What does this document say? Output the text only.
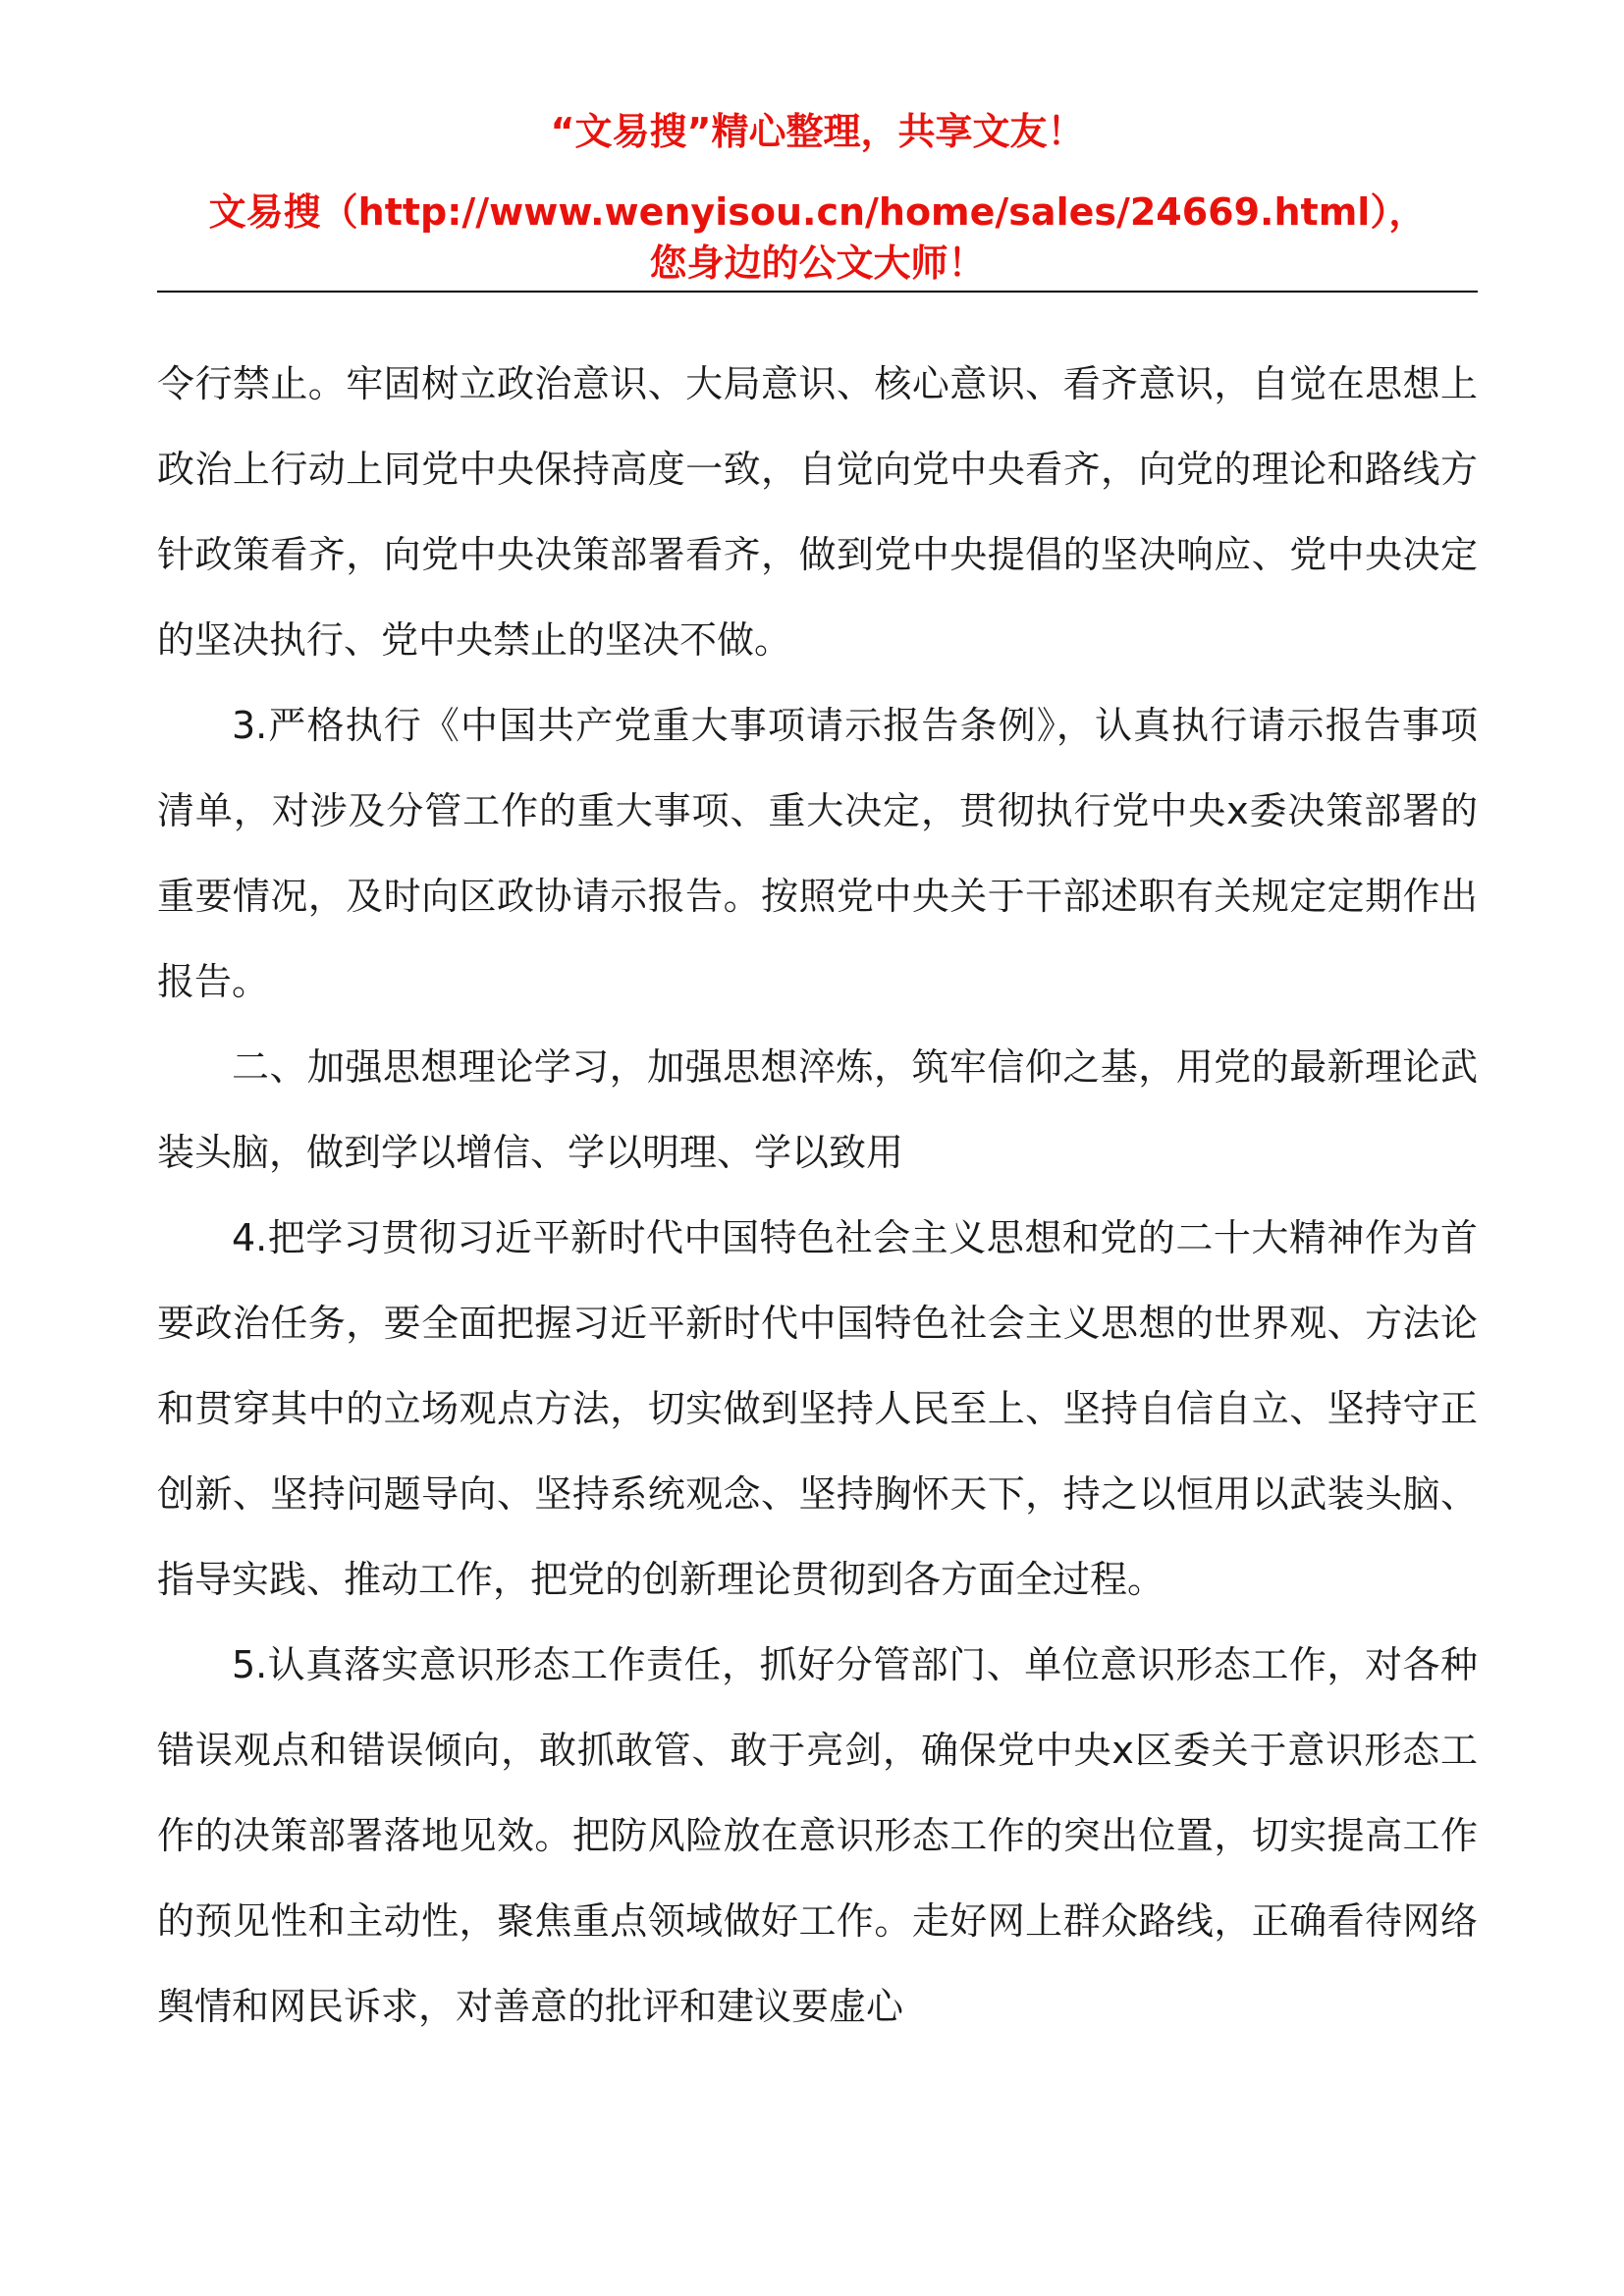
“文易搜”精心整理，共享文友！
文易搜（http://www.wenyisou.cn/home/sales/24669.html），
您身边的公文大师！

令行禁止。牢固树立政治意识、大局意识、核心意识、看齐意识，自觉在思想上政治上行动上同党中央保持高度一致，自觉向党中央看齐，向党的理论和路线方针政策看齐，向党中央决策部署看齐，做到党中央提倡的坚决响应、党中央决定的坚决执行、党中央禁止的坚决不做。

3.严格执行《中国共产党重大事项请示报告条例》，认真执行请示报告事项清单，对涉及分管工作的重大事项、重大决定，贯彻执行党中央x委决策部署的重要情况，及时向区政协请示报告。按照党中央关于干部述职有关规定定期作出报告。

二、加强思想理论学习，加强思想淬炼，筑牢信仰之基，用党的最新理论武装头脑，做到学以增信、学以明理、学以致用

4.把学习贯彻习近平新时代中国特色社会主义思想和党的二十大精神作为首要政治任务，要全面把握习近平新时代中国特色社会主义思想的世界观、方法论和贯穿其中的立场观点方法，切实做到坚持人民至上、坚持自信自立、坚持守正创新、坚持问题导向、坚持系统观念、坚持胸怀天下，持之以恒用以武装头脑、指导实践、推动工作，把党的创新理论贯彻到各方面全过程。

5.认真落实意识形态工作责任，抓好分管部门、单位意识形态工作，对各种错误观点和错误倾向，敢抓敢管、敢于亮剑，确保党中央x区委关于意识形态工作的决策部署落地见效。把防风险放在意识形态工作的突出位置，切实提高工作的预见性和主动性，聚焦重点领域做好工作。走好网上群众路线，正确看待网络舆情和网民诉求，对善意的批评和建议要虚心
